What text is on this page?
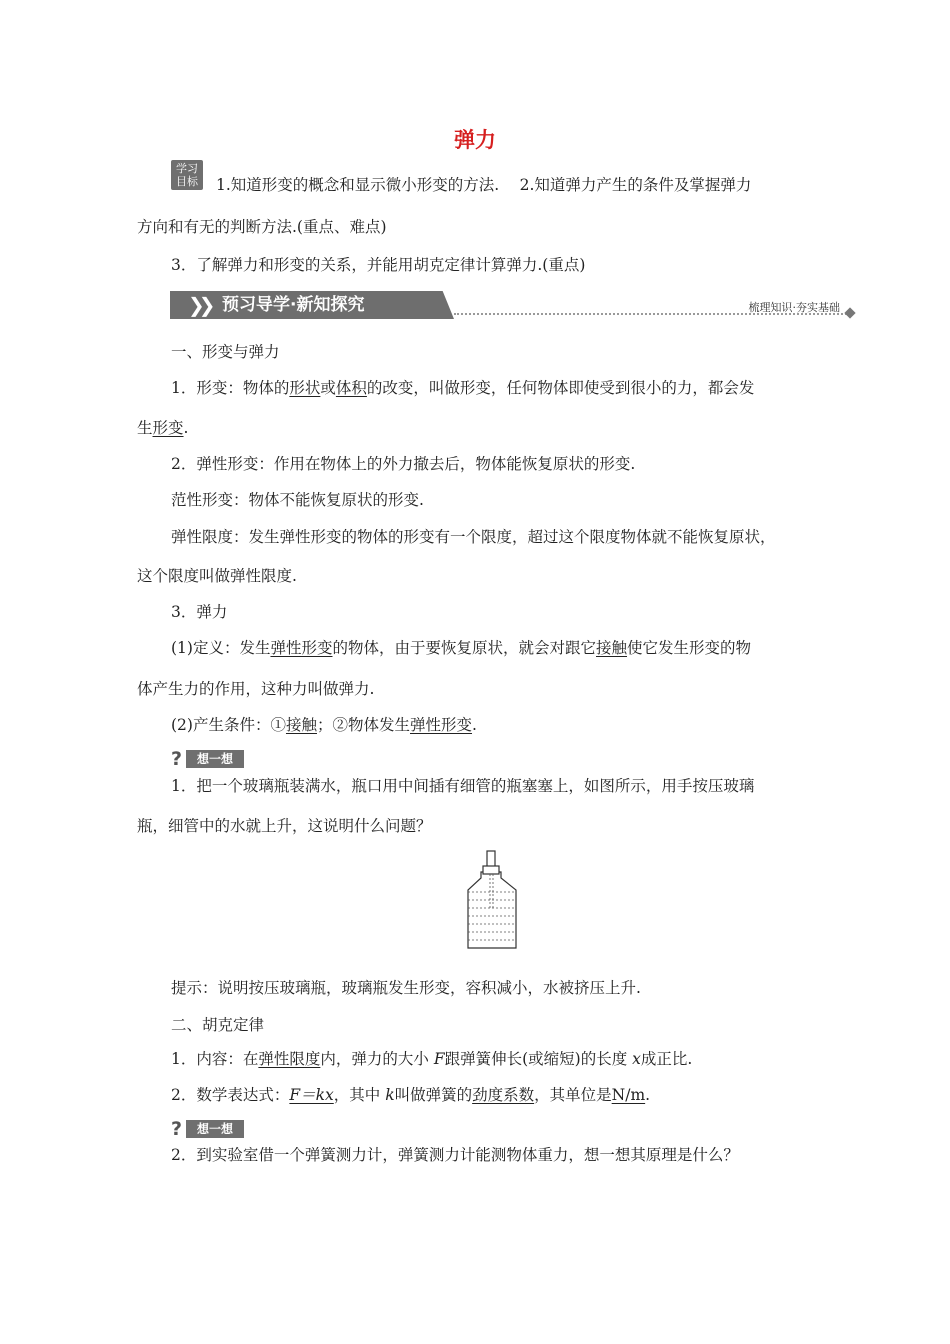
弹力
学习
目标	1.知道形变的概念和显示微小形变的方法.　 2.知道弹力产生的条件及掌握弹力
方向和有无的判断方法.(重点、难点)
3．了解弹力和形变的关系，并能用胡克定律计算弹力.(重点)
❯❯ 预习导学·新知探究	梳理知识·夯实基础
一、形变与弹力
1．形变：物体的形状或体积的改变，叫做形变，任何物体即使受到很小的力，都会发
生形变.
2．弹性形变：作用在物体上的外力撤去后，物体能恢复原状的形变.
范性形变：物体不能恢复原状的形变.
弹性限度：发生弹性形变的物体的形变有一个限度，超过这个限度物体就不能恢复原状，
这个限度叫做弹性限度.
3．弹力
(1)定义：发生弹性形变的物体，由于要恢复原状，就会对跟它接触使它发生形变的物
体产生力的作用，这种力叫做弹力.
(2)产生条件：①接触；②物体发生弹性形变.
?	想一想
1．把一个玻璃瓶装满水，瓶口用中间插有细管的瓶塞塞上，如图所示，用手按压玻璃
瓶，细管中的水就上升，这说明什么问题？
提示：说明按压玻璃瓶，玻璃瓶发生形变，容积减小，水被挤压上升.
二、胡克定律
1．内容：在弹性限度内，弹力的大小 F跟弹簧伸长(或缩短)的长度 x成正比.
2．数学表达式：F＝kx，其中 k叫做弹簧的劲度系数，其单位是N/m.
?	想一想
2．到实验室借一个弹簧测力计，弹簧测力计能测物体重力，想一想其原理是什么？
